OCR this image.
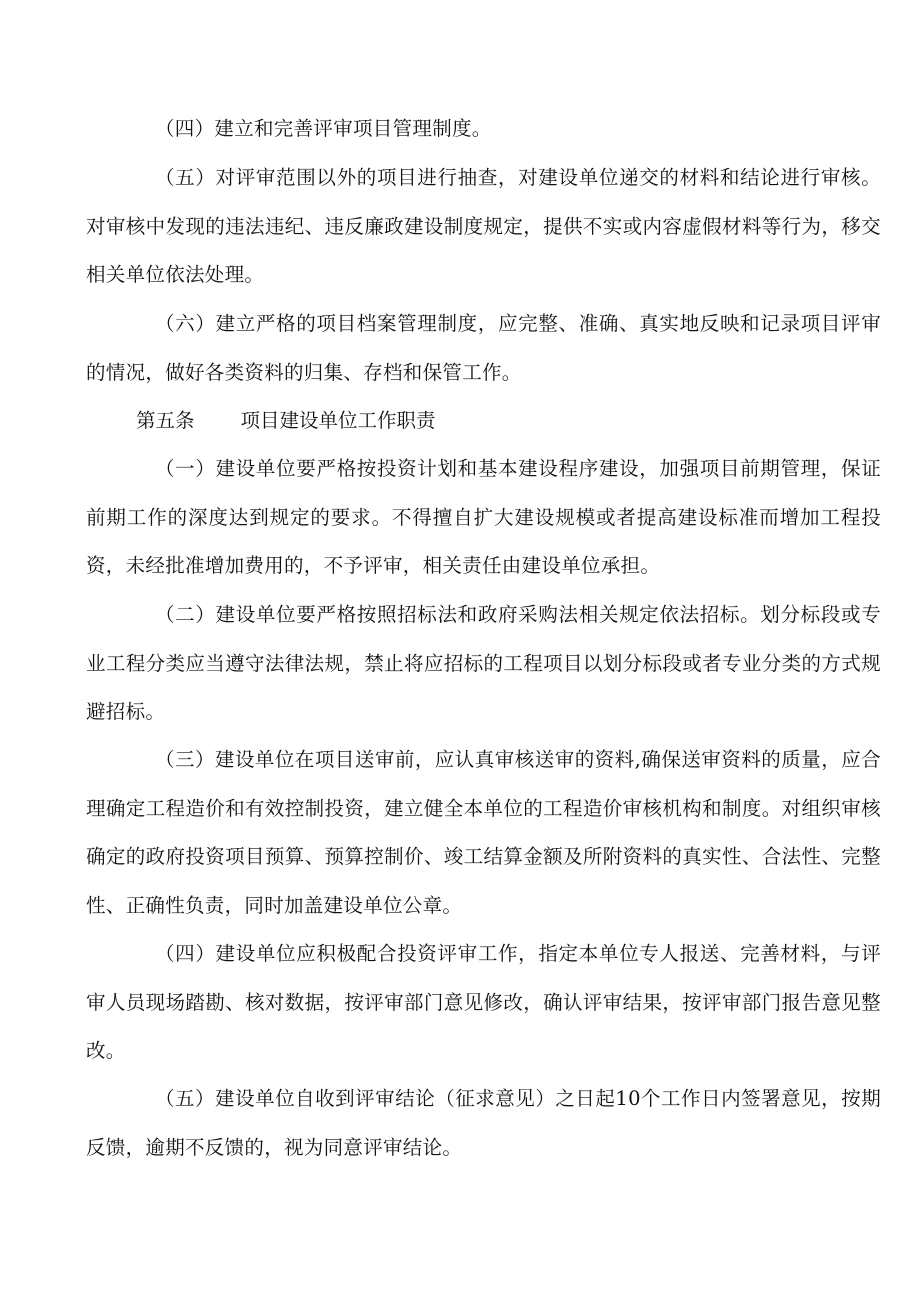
（四）建立和完善评审项目管理制度。

（五）对评审范围以外的项目进行抽查，对建设单位递交的材料和结论进行审核。对审核中发现的违法违纪、违反廉政建设制度规定，提供不实或内容虚假材料等行为，移交相关单位依法处理。

（六）建立严格的项目档案管理制度，应完整、准确、真实地反映和记录项目评审的情况，做好各类资料的归集、存档和保管工作。

第五条 项目建设单位工作职责

（一）建设单位要严格按投资计划和基本建设程序建设，加强项目前期管理，保证前期工作的深度达到规定的要求。不得擅自扩大建设规模或者提高建设标准而增加工程投资，未经批准增加费用的，不予评审，相关责任由建设单位承担。

（二）建设单位要严格按照招标法和政府采购法相关规定依法招标。划分标段或专业工程分类应当遵守法律法规，禁止将应招标的工程项目以划分标段或者专业分类的方式规避招标。

（三）建设单位在项目送审前，应认真审核送审的资料,确保送审资料的质量，应合理确定工程造价和有效控制投资，建立健全本单位的工程造价审核机构和制度。对组织审核确定的政府投资项目预算、预算控制价、竣工结算金额及所附资料的真实性、合法性、完整性、正确性负责，同时加盖建设单位公章。

（四）建设单位应积极配合投资评审工作，指定本单位专人报送、完善材料，与评审人员现场踏勘、核对数据，按评审部门意见修改，确认评审结果，按评审部门报告意见整改。

（五）建设单位自收到评审结论（征求意见）之日起10个工作日内签署意见，按期反馈，逾期不反馈的，视为同意评审结论。
